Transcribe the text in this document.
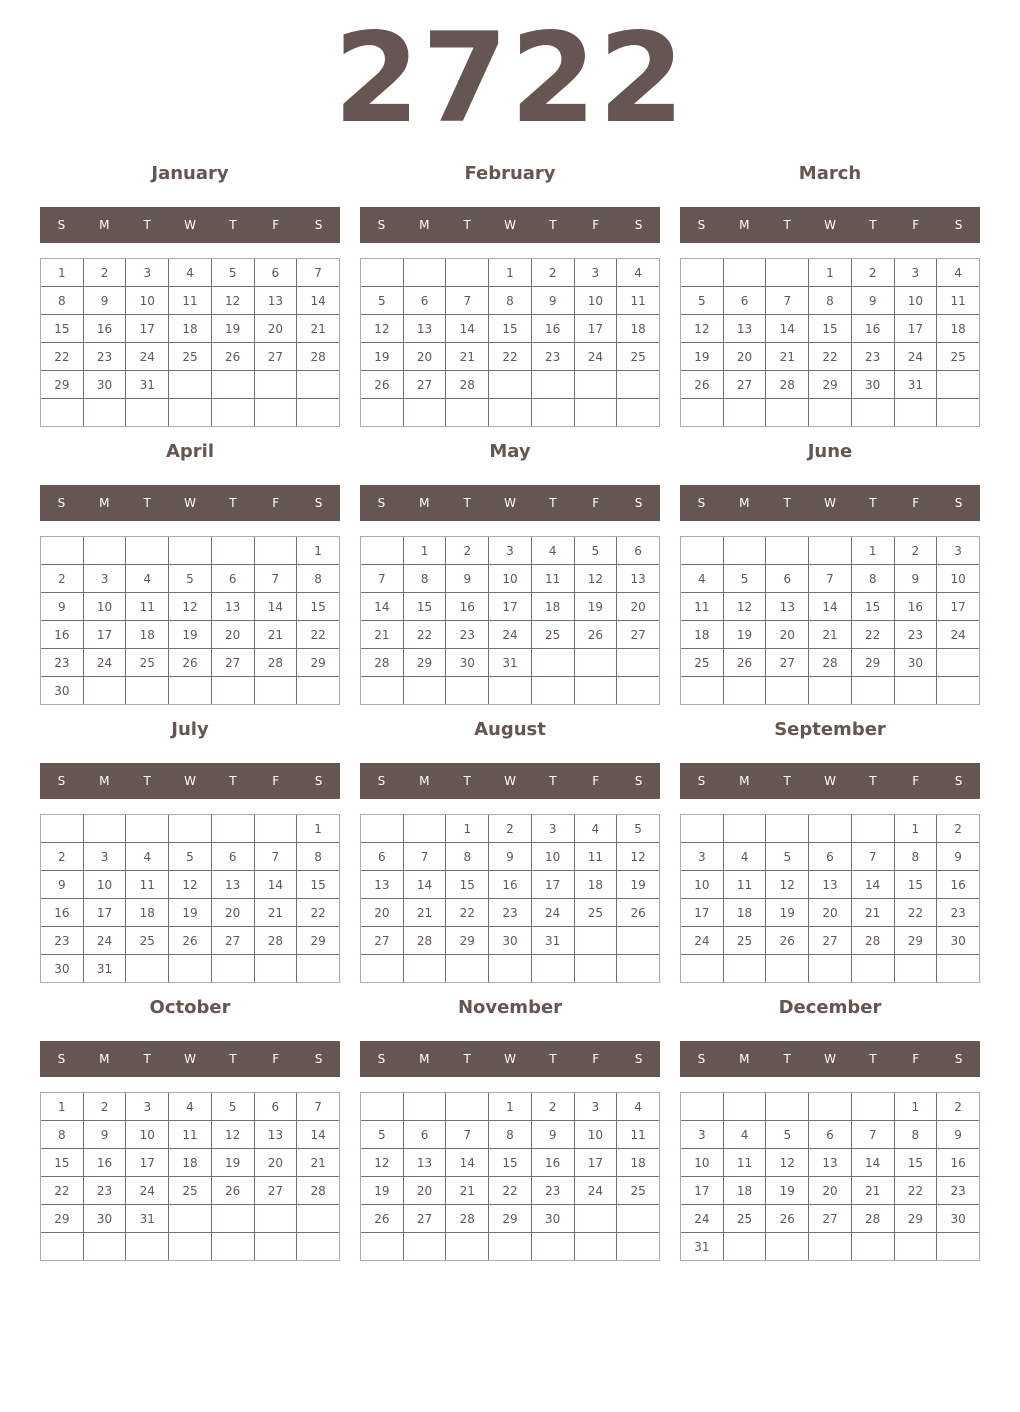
2722
January
S	M	T	W	T	F	S
1	2	3	4	5	6	7
8	9	10	11	12	13	14
15	16	17	18	19	20	21
22	23	24	25	26	27	28
29	30	31				

February
S	M	T	W	T	F	S
			1	2	3	4
5	6	7	8	9	10	11
12	13	14	15	16	17	18
19	20	21	22	23	24	25
26	27	28				

March
S	M	T	W	T	F	S
			1	2	3	4
5	6	7	8	9	10	11
12	13	14	15	16	17	18
19	20	21	22	23	24	25
26	27	28	29	30	31	

April
S	M	T	W	T	F	S
						1
2	3	4	5	6	7	8
9	10	11	12	13	14	15
16	17	18	19	20	21	22
23	24	25	26	27	28	29
30						
May
S	M	T	W	T	F	S
	1	2	3	4	5	6
7	8	9	10	11	12	13
14	15	16	17	18	19	20
21	22	23	24	25	26	27
28	29	30	31			

June
S	M	T	W	T	F	S
				1	2	3
4	5	6	7	8	9	10
11	12	13	14	15	16	17
18	19	20	21	22	23	24
25	26	27	28	29	30	

July
S	M	T	W	T	F	S
						1
2	3	4	5	6	7	8
9	10	11	12	13	14	15
16	17	18	19	20	21	22
23	24	25	26	27	28	29
30	31					
August
S	M	T	W	T	F	S
		1	2	3	4	5
6	7	8	9	10	11	12
13	14	15	16	17	18	19
20	21	22	23	24	25	26
27	28	29	30	31		

September
S	M	T	W	T	F	S
					1	2
3	4	5	6	7	8	9
10	11	12	13	14	15	16
17	18	19	20	21	22	23
24	25	26	27	28	29	30

October
S	M	T	W	T	F	S
1	2	3	4	5	6	7
8	9	10	11	12	13	14
15	16	17	18	19	20	21
22	23	24	25	26	27	28
29	30	31				

November
S	M	T	W	T	F	S
			1	2	3	4
5	6	7	8	9	10	11
12	13	14	15	16	17	18
19	20	21	22	23	24	25
26	27	28	29	30		

December
S	M	T	W	T	F	S
					1	2
3	4	5	6	7	8	9
10	11	12	13	14	15	16
17	18	19	20	21	22	23
24	25	26	27	28	29	30
31						
